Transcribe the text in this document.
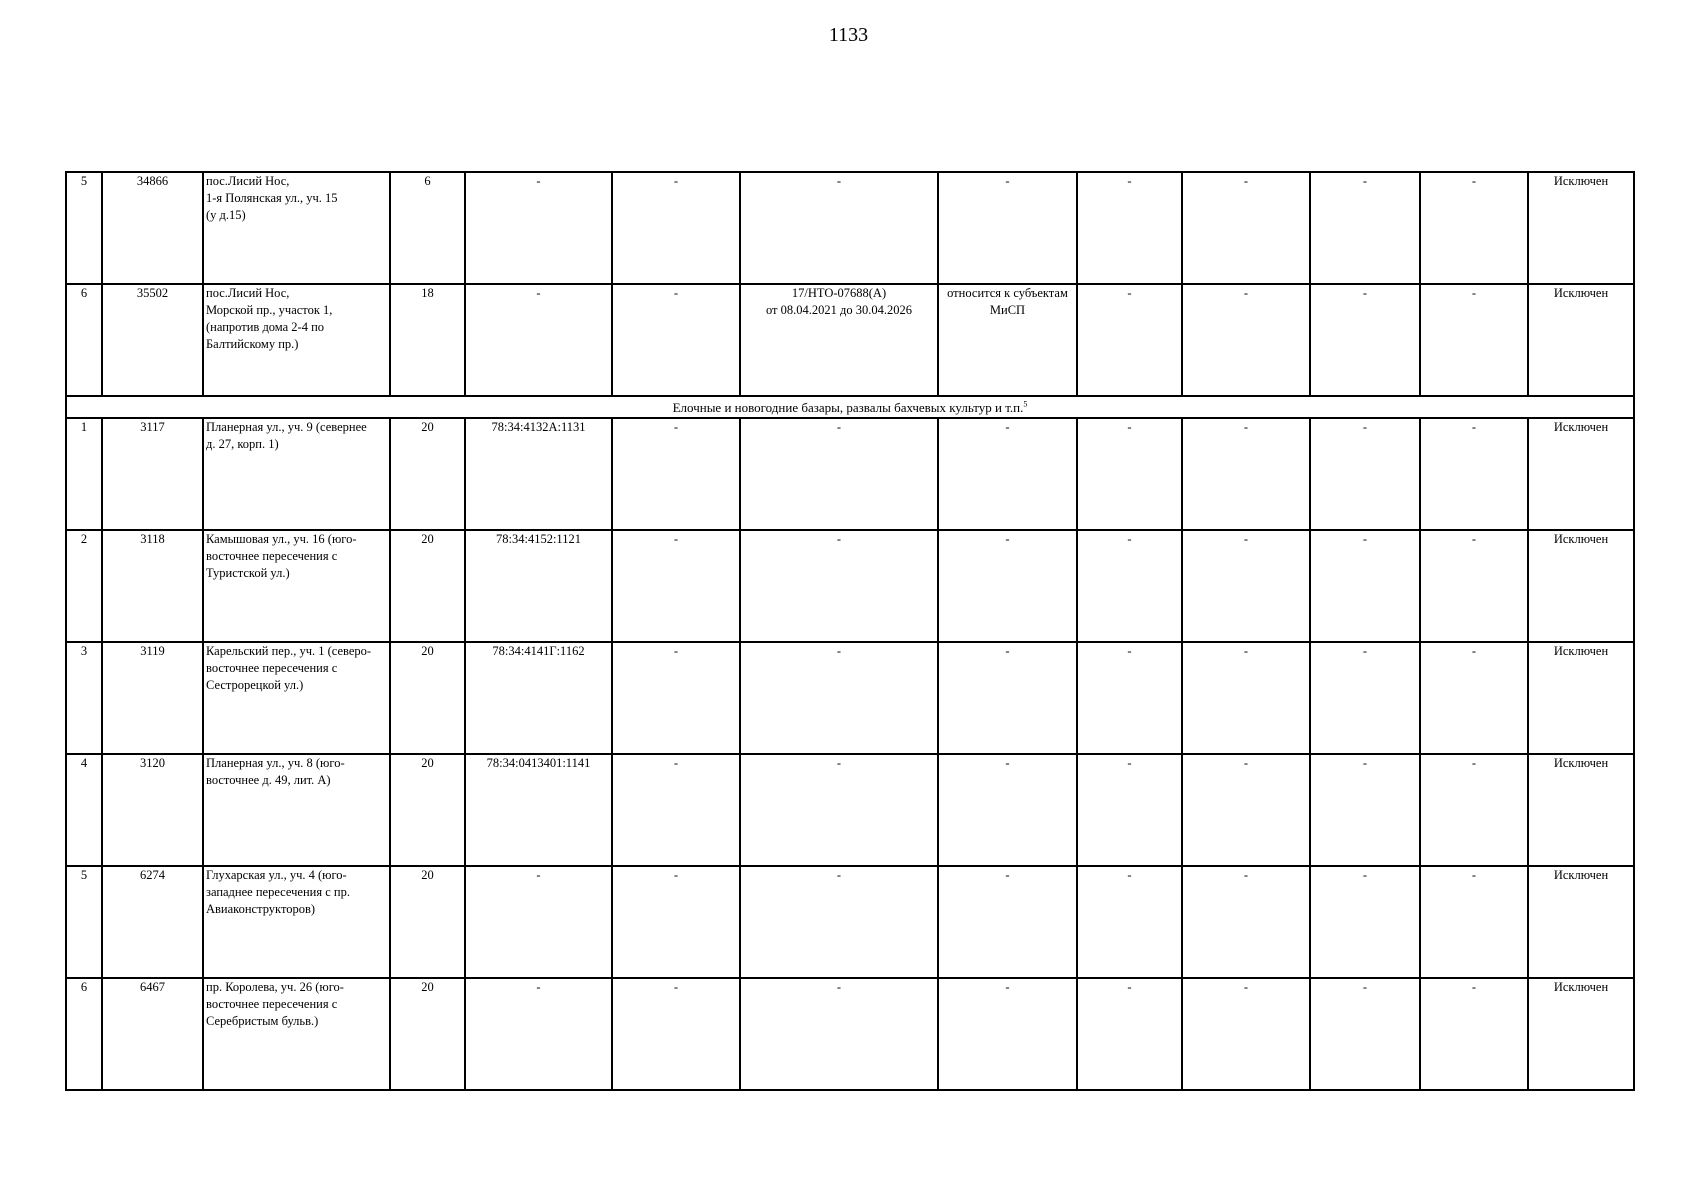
1133
5	34866	пос.Лисий Нос,
1-я Полянская ул., уч. 15
(у д.15)	6	-	-	-	-	-	-	-	-	Исключен
6	35502	пос.Лисий Нос,
Морской пр., участок 1,
(напротив дома 2-4 по
Балтийскому пр.)	18	-	-	17/НТО-07688(А)
от 08.04.2021 до 30.04.2026	относится к субъектам
МиСП	-	-	-	-	Исключен
Елочные и новогодние базары, развалы бахчевых культур и т.п.$^5$
1	3117	Планерная ул., уч. 9 (севернее
д. 27, корп. 1)	20	78:34:4132А:1131	-	-	-	-	-	-	-	Исключен
2	3118	Камышовая ул., уч. 16 (юго-
восточнее пересечения с
Туристской ул.)	20	78:34:4152:1121	-	-	-	-	-	-	-	Исключен
3	3119	Карельский пер., уч. 1 (северо-
восточнее пересечения с
Сестрорецкой ул.)	20	78:34:4141Г:1162	-	-	-	-	-	-	-	Исключен
4	3120	Планерная ул., уч. 8 (юго-
восточнее д. 49, лит. А)	20	78:34:0413401:1141	-	-	-	-	-	-	-	Исключен
5	6274	Глухарская ул., уч. 4 (юго-
западнее пересечения с пр.
Авиаконструкторов)	20	-	-	-	-	-	-	-	-	Исключен
6	6467	пр. Королева, уч. 26 (юго-
восточнее пересечения с
Серебристым бульв.)	20	-	-	-	-	-	-	-	-	Исключен
